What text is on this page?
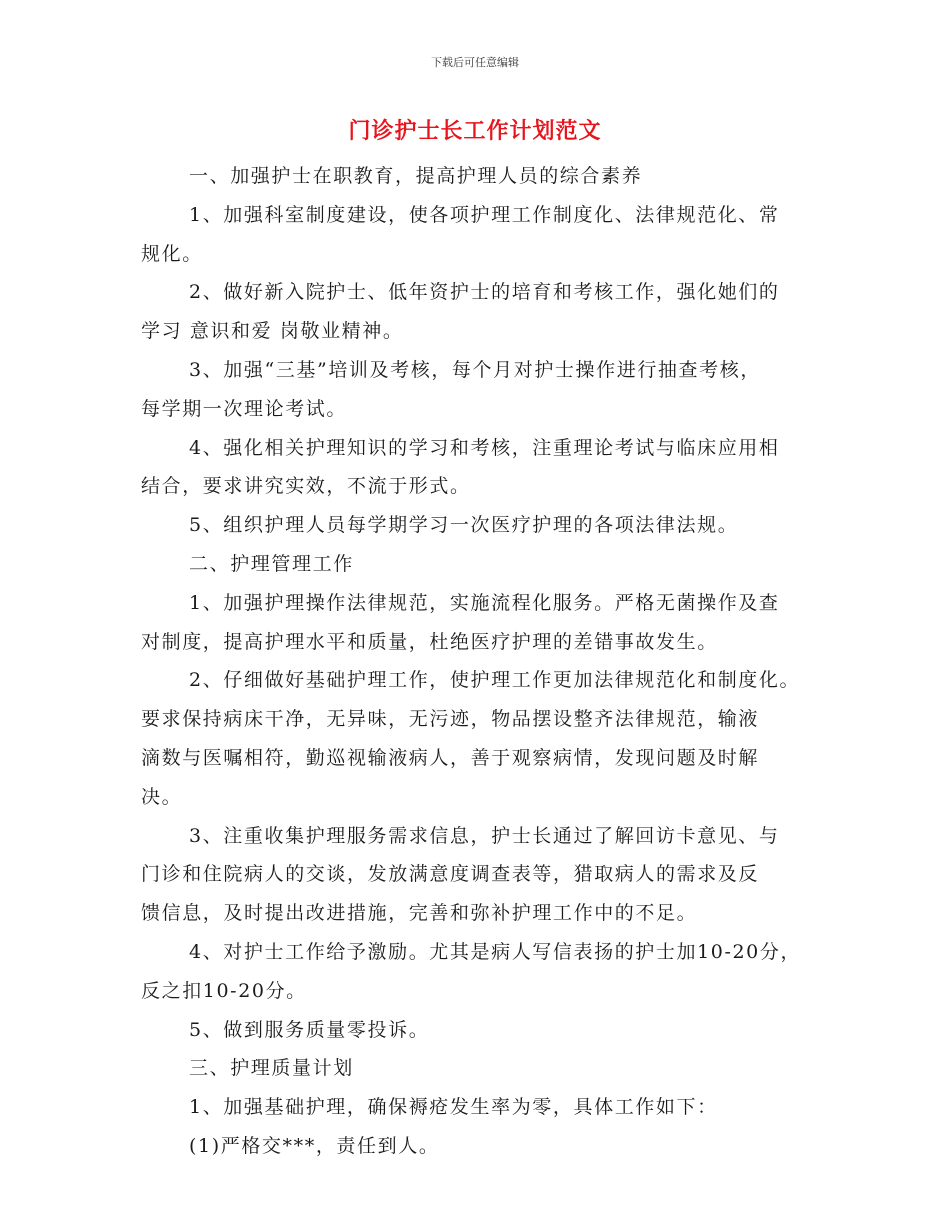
下载后可任意编辑
门诊护士长工作计划范文
一、加强护士在职教育，提高护理人员的综合素养
1、加强科室制度建设，使各项护理工作制度化、法律规范化、常
规化。
2、做好新入院护士、低年资护士的培育和考核工作，强化她们的
学习 意识和爱 岗敬业精神。
3、加强“三基”培训及考核，每个月对护士操作进行抽查考核，
每学期一次理论考试。
4、强化相关护理知识的学习和考核，注重理论考试与临床应用相
结合，要求讲究实效，不流于形式。
5、组织护理人员每学期学习一次医疗护理的各项法律法规。
二、护理管理工作
1、加强护理操作法律规范，实施流程化服务。严格无菌操作及查
对制度，提高护理水平和质量，杜绝医疗护理的差错事故发生。
2、仔细做好基础护理工作，使护理工作更加法律规范化和制度化。
要求保持病床干净，无异味，无污迹，物品摆设整齐法律规范，输液
滴数与医嘱相符，勤巡视输液病人，善于观察病情，发现问题及时解
决。
3、注重收集护理服务需求信息，护士长通过了解回访卡意见、与
门诊和住院病人的交谈，发放满意度调查表等，猎取病人的需求及反
馈信息，及时提出改进措施，完善和弥补护理工作中的不足。
4、对护士工作给予激励。尤其是病人写信表扬的护士加10-20分，
反之扣10-20分。
5、做到服务质量零投诉。
三、护理质量计划
1、加强基础护理，确保褥疮发生率为零，具体工作如下：
(1)严格交***，责任到人。
